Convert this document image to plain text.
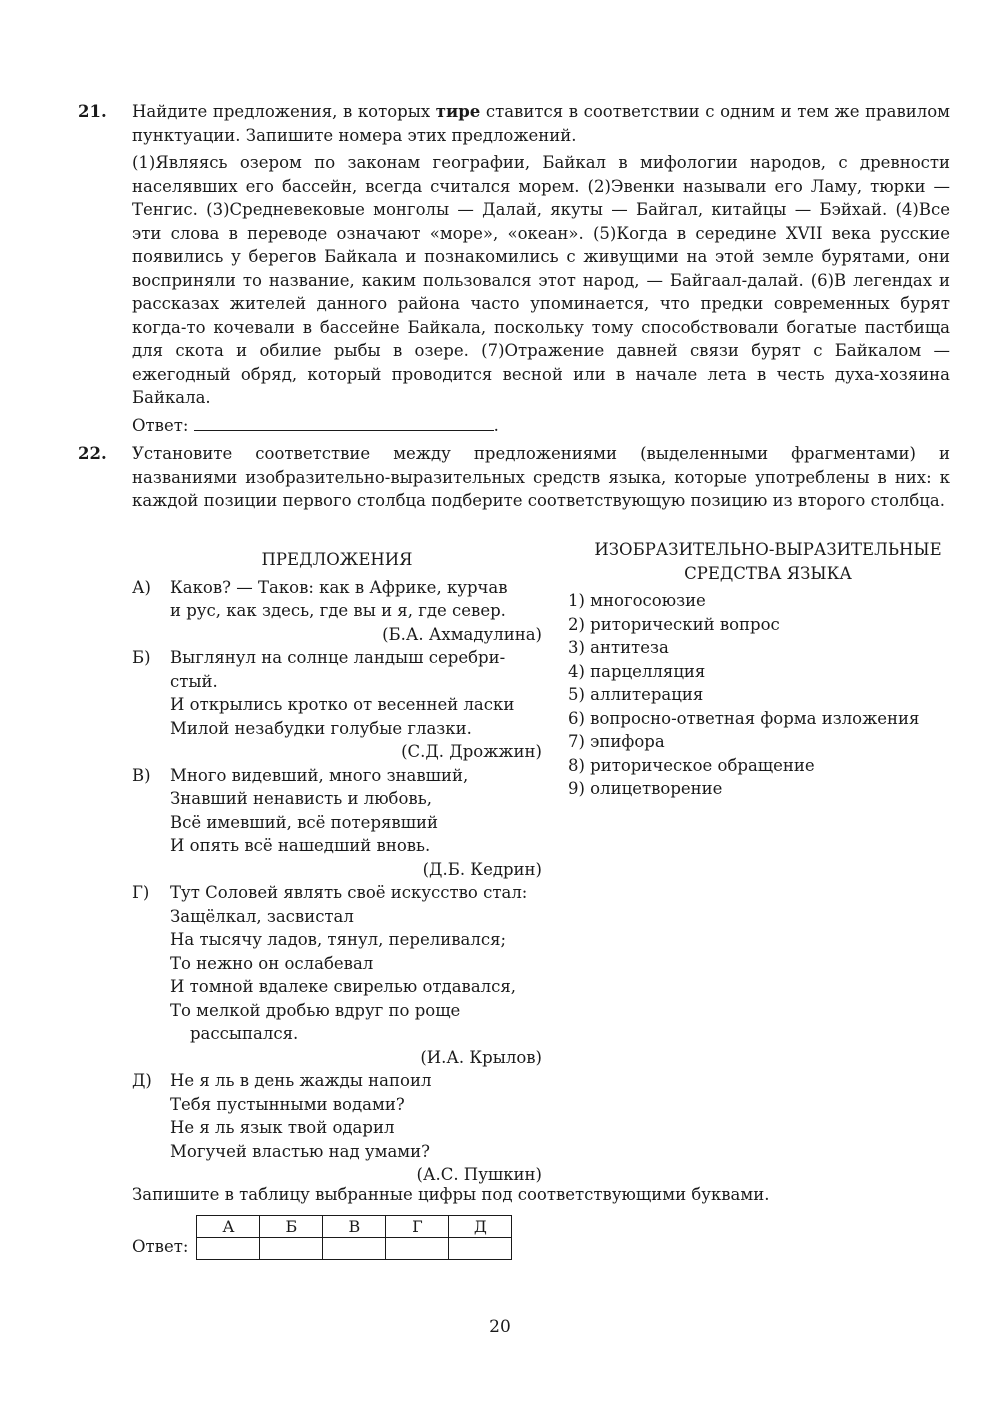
21. Найдите предложения, в которых тире ставится в соответствии с одним и тем же правилом пунктуации. Запишите номера этих предложений.

(1)Являясь озером по законам географии, Байкал в мифологии народов, с древности населявших его бассейн, всегда считался морем. (2)Эвенки называли его Ламу, тюрки — Тенгис. (3)Средневековые монголы — Далай, якуты — Байгал, китайцы — Бэйхай. (4)Все эти слова в переводе означают «море», «океан». (5)Когда в середине XVII века русские появились у берегов Байкала и познакомились с живущими на этой земле бурятами, они восприняли то название, каким пользовался этот народ, — Байгаал-далай. (6)В легендах и рассказах жителей данного района часто упоминается, что предки современных бурят когда-то кочевали в бассейне Байкала, поскольку тому способствовали богатые пастбища для скота и обилие рыбы в озере. (7)Отражение давней связи бурят с Байкалом — ежегодный обряд, который проводится весной или в начале лета в честь духа-хозяина Байкала.

Ответ:	.

22. Установите соответствие между предложениями (выделенными фрагментами) и названиями изобразительно-выразительных средств языка, которые употреблены в них: к каждой позиции первого столбца подберите соответствующую позицию из второго столбца.

ПРЕДЛОЖЕНИЯ
А) Каков? — Таков: как в Африке, курчав
и рус, как здесь, где вы и я, где север.
(Б.А. Ахмадулина)
Б) Выглянул на солнце ландыш серебри-
стый.
И открылись кротко от весенней ласки
Милой незабудки голубые глазки.
(С.Д. Дрожжин)
В) Много видевший, много знавший,
Знавший ненависть и любовь,
Всё имевший, всё потерявший
И опять всё нашедший вновь.
(Д.Б. Кедрин)
Г) Тут Соловей являть своё искусство стал:
Защёлкал, засвистал
На тысячу ладов, тянул, переливался;
То нежно он ослабевал
И томной вдалеке свирелью отдавался,
То мелкой дробью вдруг по роще
рассыпался.
(И.А. Крылов)
Д) Не я ль в день жажды напоил
Тебя пустынными водами?
Не я ль язык твой одарил
Могучей властью над умами?
(А.С. Пушкин)
ИЗОБРАЗИТЕЛЬНО-ВЫРАЗИТЕЛЬНЫЕ
СРЕДСТВА ЯЗЫКА
1) многосоюзие
2) риторический вопрос
3) антитеза
4) парцелляция
5) аллитерация
6) вопросно-ответная форма изложения
7) эпифора
8) риторическое обращение
9) олицетворение
Запишите в таблицу выбранные цифры под соответствующими буквами.
Ответ:
А	Б	В	Г	Д

20
